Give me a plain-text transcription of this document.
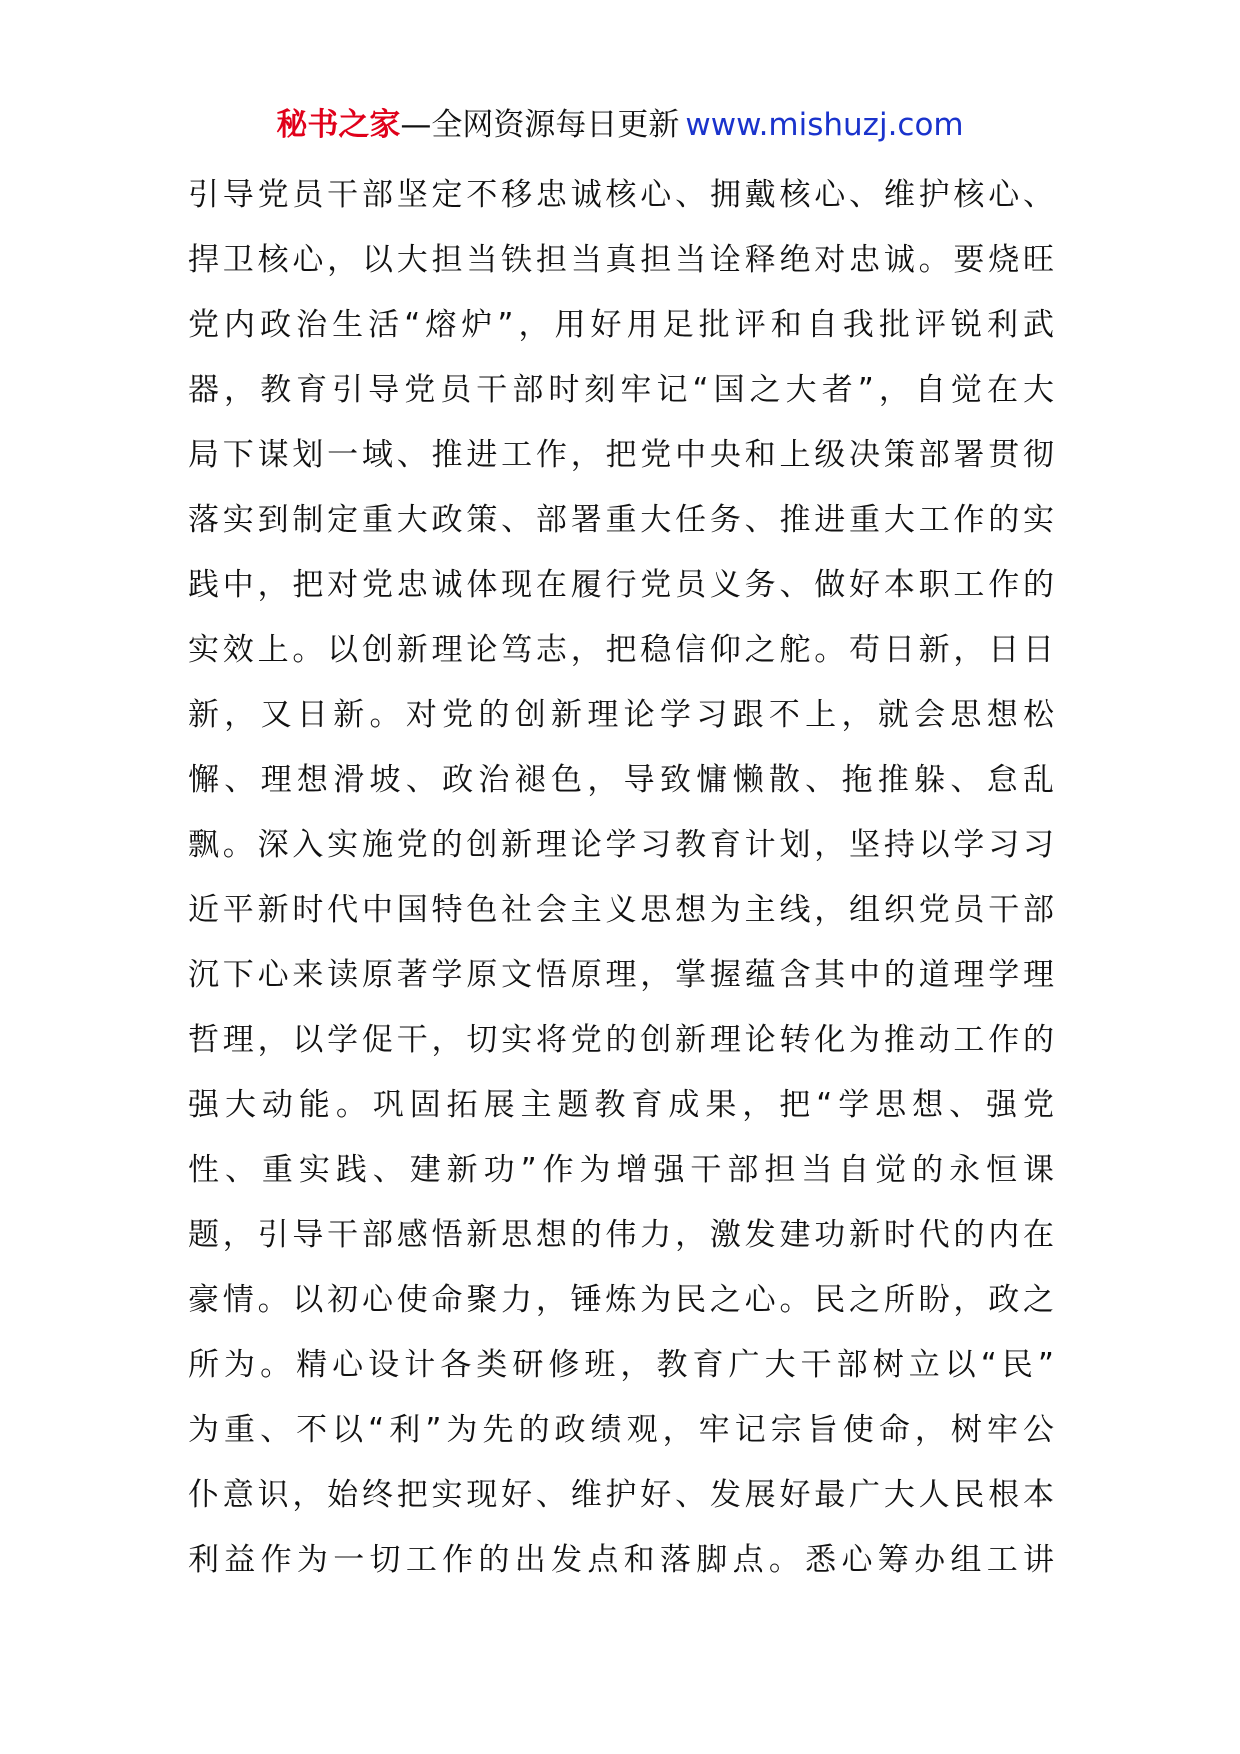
秘书之家—全网资源每日更新 www.mishuzj.com
引导党员干部坚定不移忠诚核心、拥戴核心、维护核心、
捍卫核心，以大担当铁担当真担当诠释绝对忠诚。要烧旺
党内政治生活“熔炉”，用好用足批评和自我批评锐利武
器，教育引导党员干部时刻牢记“国之大者”，自觉在大
局下谋划一域、推进工作，把党中央和上级决策部署贯彻
落实到制定重大政策、部署重大任务、推进重大工作的实
践中，把对党忠诚体现在履行党员义务、做好本职工作的
实效上。以创新理论笃志，把稳信仰之舵。苟日新，日日
新，又日新。对党的创新理论学习跟不上，就会思想松
懈、理想滑坡、政治褪色，导致慵懒散、拖推躲、怠乱
飘。深入实施党的创新理论学习教育计划，坚持以学习习
近平新时代中国特色社会主义思想为主线，组织党员干部
沉下心来读原著学原文悟原理，掌握蕴含其中的道理学理
哲理，以学促干，切实将党的创新理论转化为推动工作的
强大动能。巩固拓展主题教育成果，把“学思想、强党
性、重实践、建新功”作为增强干部担当自觉的永恒课
题，引导干部感悟新思想的伟力，激发建功新时代的内在
豪情。以初心使命聚力，锤炼为民之心。民之所盼，政之
所为。精心设计各类研修班，教育广大干部树立以“民”
为重、不以“利”为先的政绩观，牢记宗旨使命，树牢公
仆意识，始终把实现好、维护好、发展好最广大人民根本
利益作为一切工作的出发点和落脚点。悉心筹办组工讲
